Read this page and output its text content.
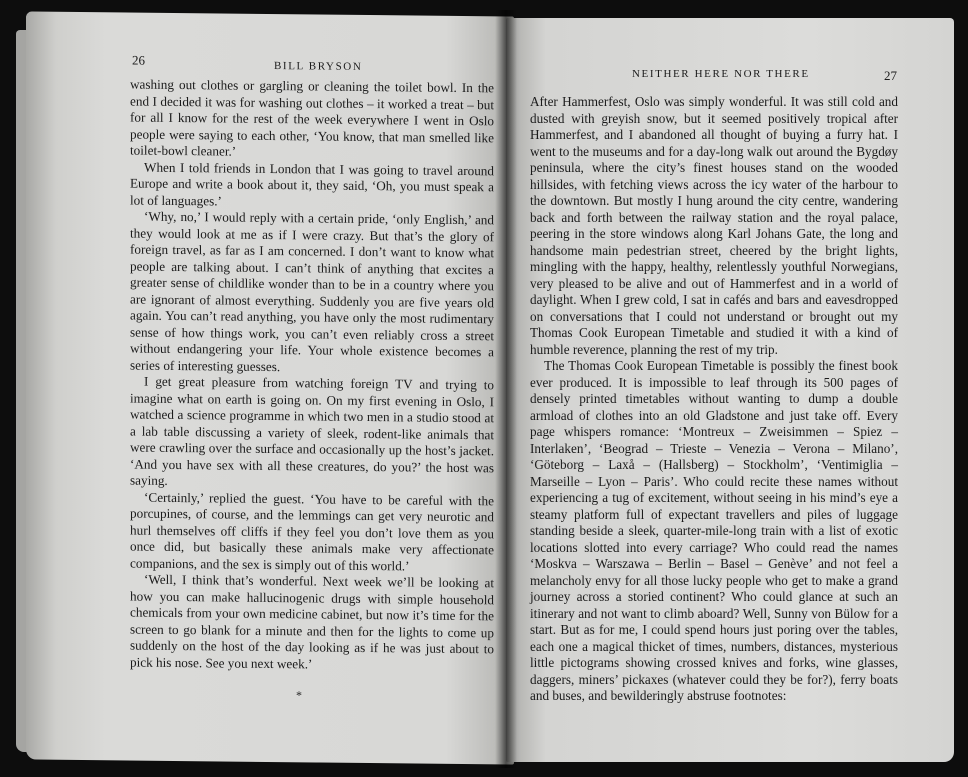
26	BILL BRYSON

washing out clothes or gargling or cleaning the toilet bowl. In the end I decided it was for washing out clothes – it worked a treat – but for all I know for the rest of the week everywhere I went in Oslo people were saying to each other, ‘You know, that man smelled like toilet-bowl cleaner.’

When I told friends in London that I was going to travel around Europe and write a book about it, they said, ‘Oh, you must speak a lot of languages.’

‘Why, no,’ I would reply with a certain pride, ‘only English,’ and they would look at me as if I were crazy. But that’s the glory of foreign travel, as far as I am concerned. I don’t want to know what people are talking about. I can’t think of anything that excites a greater sense of childlike wonder than to be in a country where you are ignorant of almost everything. Suddenly you are five years old again. You can’t read anything, you have only the most rudimentary sense of how things work, you can’t even reliably cross a street without endangering your life. Your whole existence becomes a series of interesting guesses.

I get great pleasure from watching foreign TV and trying to imagine what on earth is going on. On my first evening in Oslo, I watched a science programme in which two men in a studio stood at a lab table discussing a variety of sleek, rodent-like animals that were crawling over the surface and occasionally up the host’s jacket. ‘And you have sex with all these creatures, do you?’ the host was saying.

‘Certainly,’ replied the guest. ‘You have to be careful with the porcupines, of course, and the lemmings can get very neurotic and hurl themselves off cliffs if they feel you don’t love them as you once did, but basically these animals make very affectionate companions, and the sex is simply out of this world.’

‘Well, I think that’s wonderful. Next week we’ll be looking at how you can make hallucinogenic drugs with simple household chemicals from your own medicine cabinet, but now it’s time for the screen to go blank for a minute and then for the lights to come up suddenly on the host of the day looking as if he was just about to pick his nose. See you next week.’

*
NEITHER HERE NOR THERE	27

After Hammerfest, Oslo was simply wonderful. It was still cold and dusted with greyish snow, but it seemed positively tropical after Hammerfest, and I abandoned all thought of buying a furry hat. I went to the museums and for a day-long walk out around the Bygdøy peninsula, where the city’s finest houses stand on the wooded hillsides, with fetching views across the icy water of the harbour to the downtown. But mostly I hung around the city centre, wandering back and forth between the railway station and the royal palace, peering in the store windows along Karl Johans Gate, the long and handsome main pedestrian street, cheered by the bright lights, mingling with the happy, healthy, relentlessly youthful Norwegians, very pleased to be alive and out of Hammerfest and in a world of daylight. When I grew cold, I sat in cafés and bars and eavesdropped on conversations that I could not understand or brought out my Thomas Cook European Timetable and studied it with a kind of humble reverence, planning the rest of my trip.

The Thomas Cook European Timetable is possibly the finest book ever produced. It is impossible to leaf through its 500 pages of densely printed timetables without wanting to dump a double armload of clothes into an old Gladstone and just take off. Every page whispers romance: ‘Montreux – Zweisimmen – Spiez – Interlaken’, ‘Beograd – Trieste – Venezia – Verona – Milano’, ‘Göteborg – Laxå – (Hallsberg) – Stockholm’, ‘Ventimiglia – Marseille – Lyon – Paris’. Who could recite these names without experiencing a tug of excitement, without seeing in his mind’s eye a steamy platform full of expectant travellers and piles of luggage standing beside a sleek, quarter-mile-long train with a list of exotic locations slotted into every carriage? Who could read the names ‘Moskva – Warszawa – Berlin – Basel – Genève’ and not feel a melancholy envy for all those lucky people who get to make a grand journey across a storied continent? Who could glance at such an itinerary and not want to climb aboard? Well, Sunny von Bülow for a start. But as for me, I could spend hours just poring over the tables, each one a magical thicket of times, numbers, distances, mysterious little pictograms showing crossed knives and forks, wine glasses, daggers, miners’ pickaxes (whatever could they be for?), ferry boats and buses, and bewilderingly abstruse footnotes:
